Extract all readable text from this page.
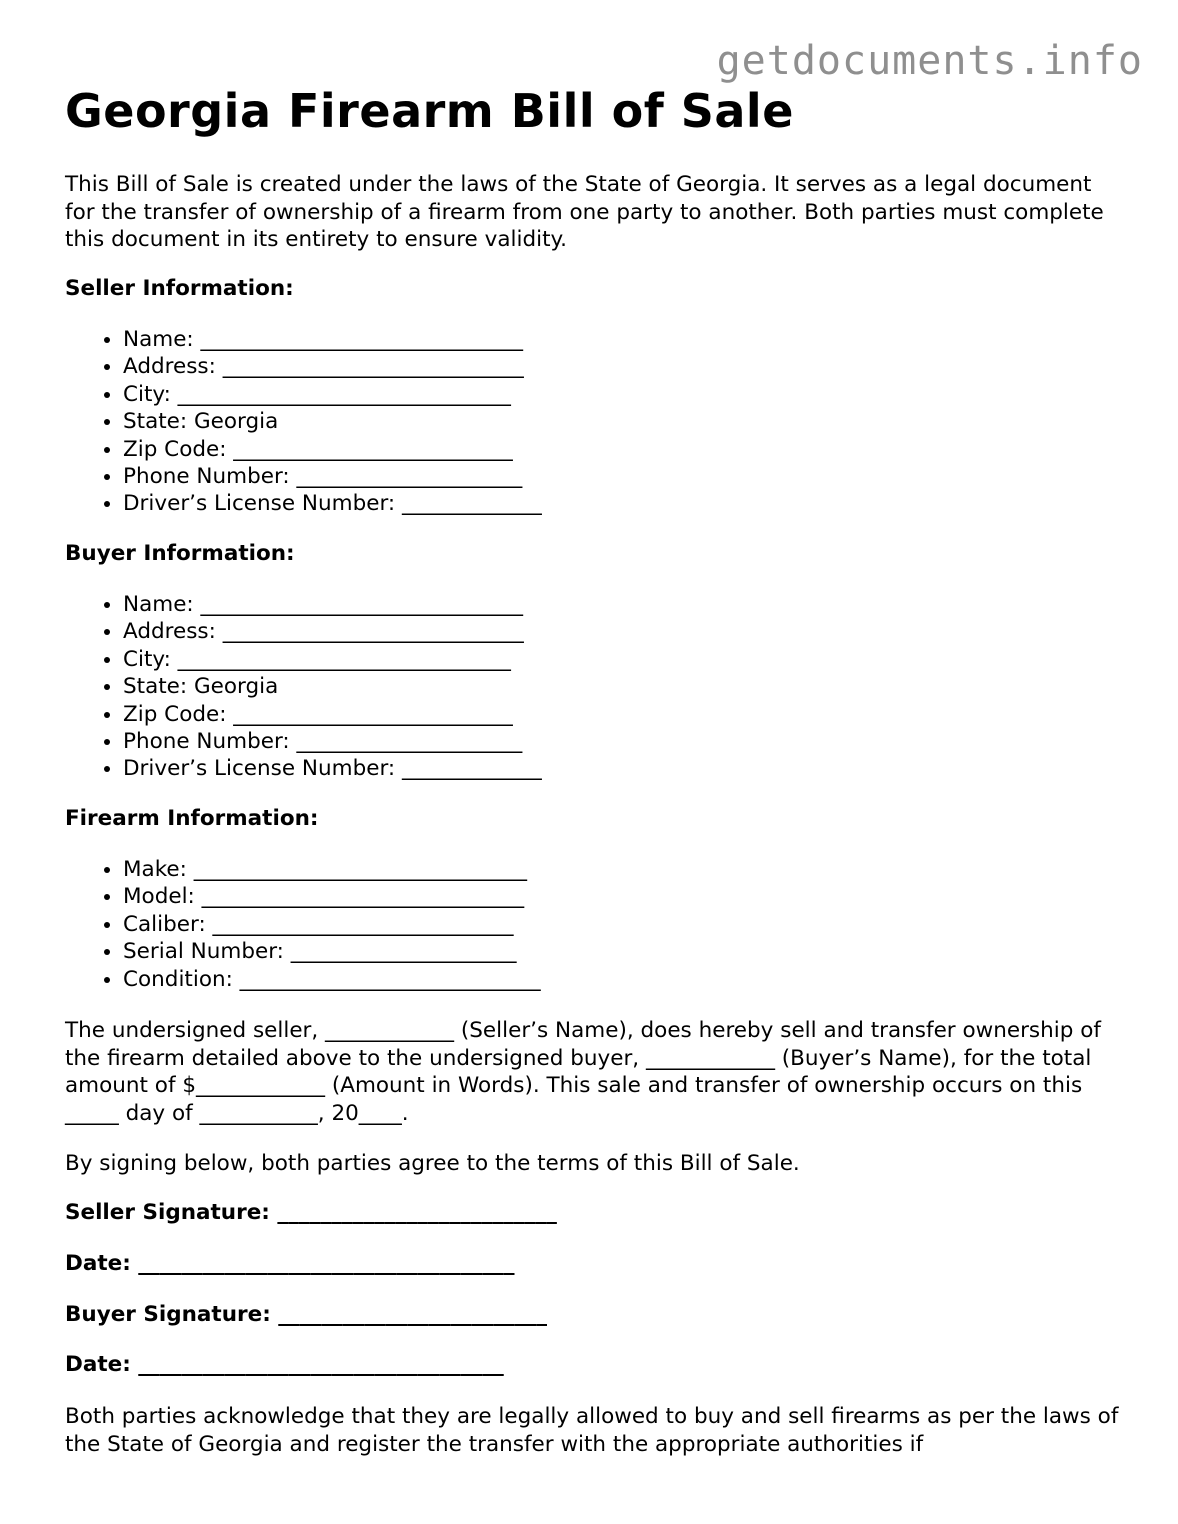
getdocuments.info
Georgia Firearm Bill of Sale

This Bill of Sale is created under the laws of the State of Georgia. It serves as a legal document for the transfer of ownership of a firearm from one party to another. Both parties must complete this document in its entirety to ensure validity.

Seller Information:

• Name: ______________________________
• Address: ____________________________
• City: _______________________________
• State: Georgia
• Zip Code: __________________________
• Phone Number: _____________________
• Driver’s License Number: _____________

Buyer Information:

• Name: ______________________________
• Address: ____________________________
• City: _______________________________
• State: Georgia
• Zip Code: __________________________
• Phone Number: _____________________
• Driver’s License Number: _____________

Firearm Information:

• Make: _______________________________
• Model: ______________________________
• Caliber: ____________________________
• Serial Number: _____________________
• Condition: ____________________________

The undersigned seller, ____________ (Seller’s Name), does hereby sell and transfer ownership of the firearm detailed above to the undersigned buyer, ____________ (Buyer’s Name), for the total amount of $____________ (Amount in Words). This sale and transfer of ownership occurs on this _____ day of ___________, 20____.

By signing below, both parties agree to the terms of this Bill of Sale.

Seller Signature: __________________________

Date: ___________________________________

Buyer Signature: _________________________

Date: __________________________________

Both parties acknowledge that they are legally allowed to buy and sell firearms as per the laws of the State of Georgia and register the transfer with the appropriate authorities if
